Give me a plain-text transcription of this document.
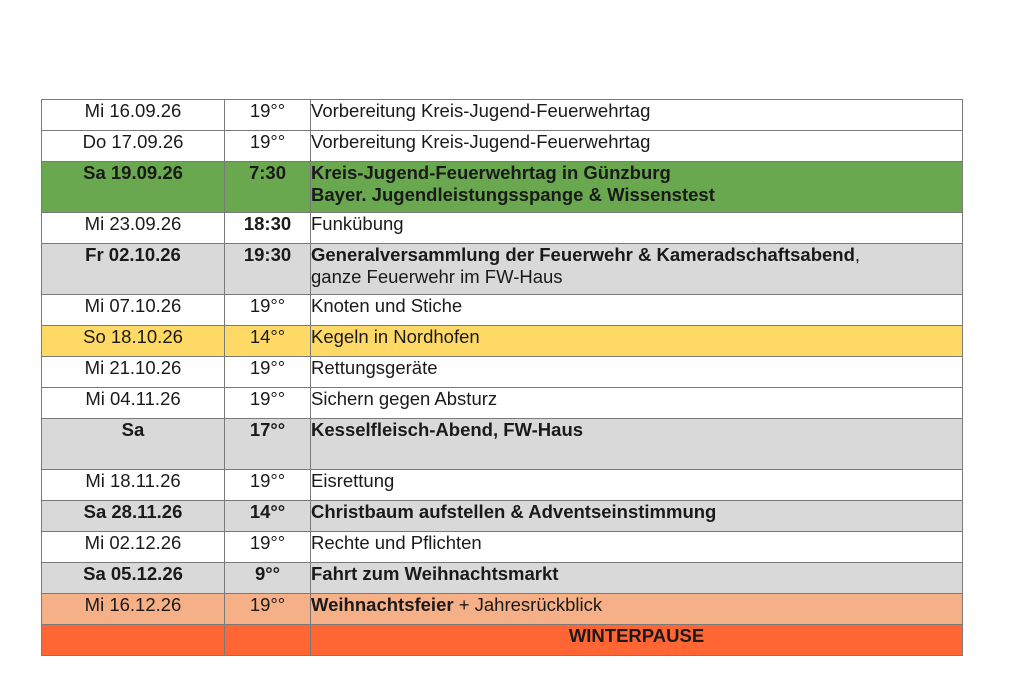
Mi 16.09.26	19°°	Vorbereitung Kreis-Jugend-Feuerwehrtag
Do 17.09.26	19°°	Vorbereitung Kreis-Jugend-Feuerwehrtag
Sa 19.09.26	7:30	Kreis-Jugend-Feuerwehrtag in Günzburg
Bayer. Jugendleistungsspange & Wissenstest

Mi 23.09.26	18:30	Funkübung
Fr 02.10.26	19:30	Generalversammlung der Feuerwehr & Kameradschaftsabend,
ganze Feuerwehr im FW-Haus

Mi 07.10.26	19°°	Knoten und Stiche
So 18.10.26	14°°	Kegeln in Nordhofen
Mi 21.10.26	19°°	Rettungsgeräte
Mi 04.11.26	19°°	Sichern gegen Absturz
Sa	17°°	Kesselfleisch-Abend, FW-Haus
Mi 18.11.26	19°°	Eisrettung
Sa 28.11.26	14°°	Christbaum aufstellen & Adventseinstimmung
Mi 02.12.26	19°°	Rechte und Pflichten
Sa 05.12.26	9°°	Fahrt zum Weihnachtsmarkt
Mi 16.12.26	19°°	Weihnachtsfeier + Jahresrückblick
		WINTERPAUSE
